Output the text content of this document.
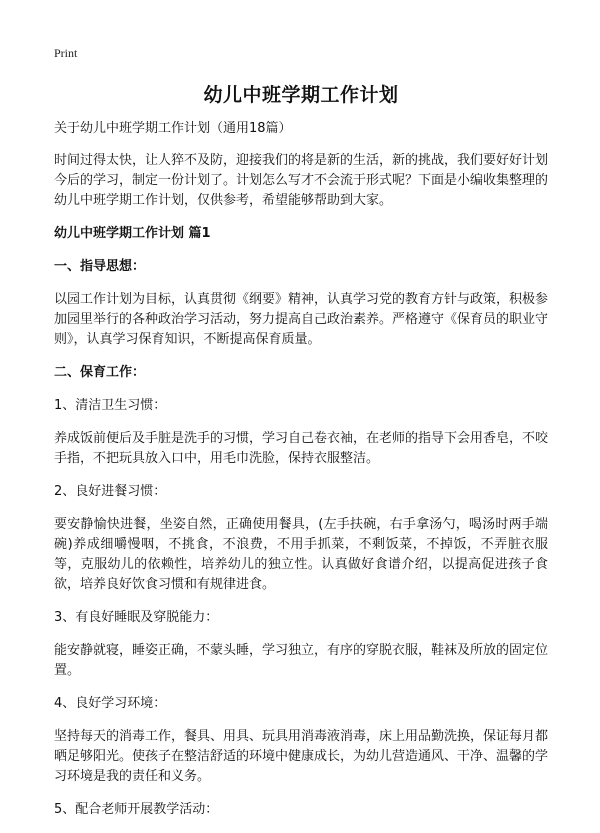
Print
幼儿中班学期工作计划
关于幼儿中班学期工作计划（通用18篇）

时间过得太快，让人猝不及防，迎接我们的将是新的生活，新的挑战，我们要好好计划今后的学习，制定一份计划了。计划怎么写才不会流于形式呢？下面是小编收集整理的幼儿中班学期工作计划，仅供参考，希望能够帮助到大家。

幼儿中班学期工作计划 篇1
一、指导思想：

以园工作计划为目标，认真贯彻《纲要》精神，认真学习党的教育方针与政策，积极参加园里举行的各种政治学习活动，努力提高自己政治素养。严格遵守《保育员的职业守则》，认真学习保育知识，不断提高保育质量。

二、保育工作：
1、清洁卫生习惯：

养成饭前便后及手脏是洗手的习惯，学习自己卷衣袖，在老师的指导下会用香皂，不咬手指，不把玩具放入口中，用毛巾洗脸，保持衣服整洁。

2、良好进餐习惯：

要安静愉快进餐，坐姿自然，正确使用餐具，(左手扶碗，右手拿汤勺，喝汤时两手端碗)养成细嚼慢咽，不挑食，不浪费，不用手抓菜，不剩饭菜，不掉饭，不弄脏衣服等，克服幼儿的依赖性，培养幼儿的独立性。认真做好食谱介绍，以提高促进孩子食欲，培养良好饮食习惯和有规律进食。

3、有良好睡眠及穿脱能力：

能安静就寝，睡姿正确，不蒙头睡，学习独立，有序的穿脱衣服，鞋袜及所放的固定位置。

4、良好学习环境：

坚持每天的消毒工作，餐具、用具、玩具用消毒液消毒，床上用品勤洗换，保证每月都晒足够阳光。使孩子在整洁舒适的环境中健康成长，为幼儿营造通风、干净、温馨的学习环境是我的责任和义务。

5、配合老师开展教学活动：
